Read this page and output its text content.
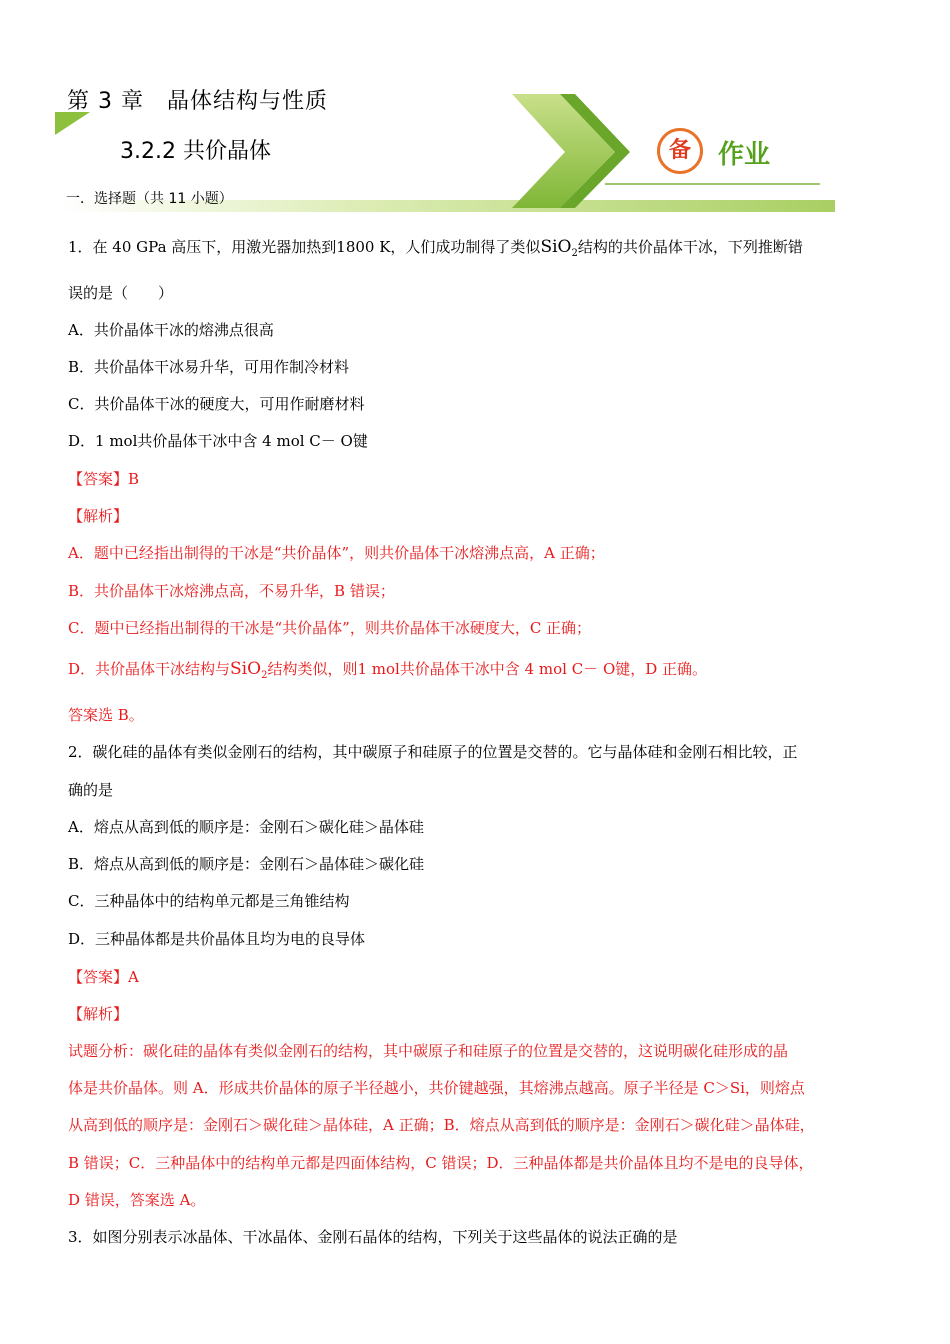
第 3 章　晶体结构与性质
3.2.2 共价晶体	备	作业
一．选择题（共 11 小题）
1．在 40 GPa 高压下，用激光器加热到1800 K，人们成功制得了类似SiO$_2$结构的共价晶体干冰，下列推断错
误的是（　　）
A．共价晶体干冰的熔沸点很高
B．共价晶体干冰易升华，可用作制冷材料
C．共价晶体干冰的硬度大，可用作耐磨材料
D．1 mol共价晶体干冰中含 4 mol C－ O键
【答案】B
【解析】
A．题中已经指出制得的干冰是“共价晶体”，则共价晶体干冰熔沸点高，A 正确；
B．共价晶体干冰熔沸点高，不易升华，B 错误；
C．题中已经指出制得的干冰是“共价晶体”，则共价晶体干冰硬度大，C 正确；
D．共价晶体干冰结构与SiO$_2$结构类似，则1 mol共价晶体干冰中含 4 mol C－ O键，D 正确。
答案选 B。
2．碳化硅的晶体有类似金刚石的结构，其中碳原子和硅原子的位置是交替的。它与晶体硅和金刚石相比较，正
确的是
A．熔点从高到低的顺序是：金刚石＞碳化硅＞晶体硅
B．熔点从高到低的顺序是：金刚石＞晶体硅＞碳化硅
C．三种晶体中的结构单元都是三角锥结构
D．三种晶体都是共价晶体且均为电的良导体
【答案】A
【解析】
试题分析：碳化硅的晶体有类似金刚石的结构，其中碳原子和硅原子的位置是交替的，这说明碳化硅形成的晶
体是共价晶体。则 A．形成共价晶体的原子半径越小，共价键越强，其熔沸点越高。原子半径是 C＞Si，则熔点
从高到低的顺序是：金刚石＞碳化硅＞晶体硅，A 正确；B．熔点从高到低的顺序是：金刚石＞碳化硅＞晶体硅，
B 错误；C．三种晶体中的结构单元都是四面体结构，C 错误；D．三种晶体都是共价晶体且均不是电的良导体，
D 错误，答案选 A。
3．如图分别表示冰晶体、干冰晶体、金刚石晶体的结构，下列关于这些晶体的说法正确的是
